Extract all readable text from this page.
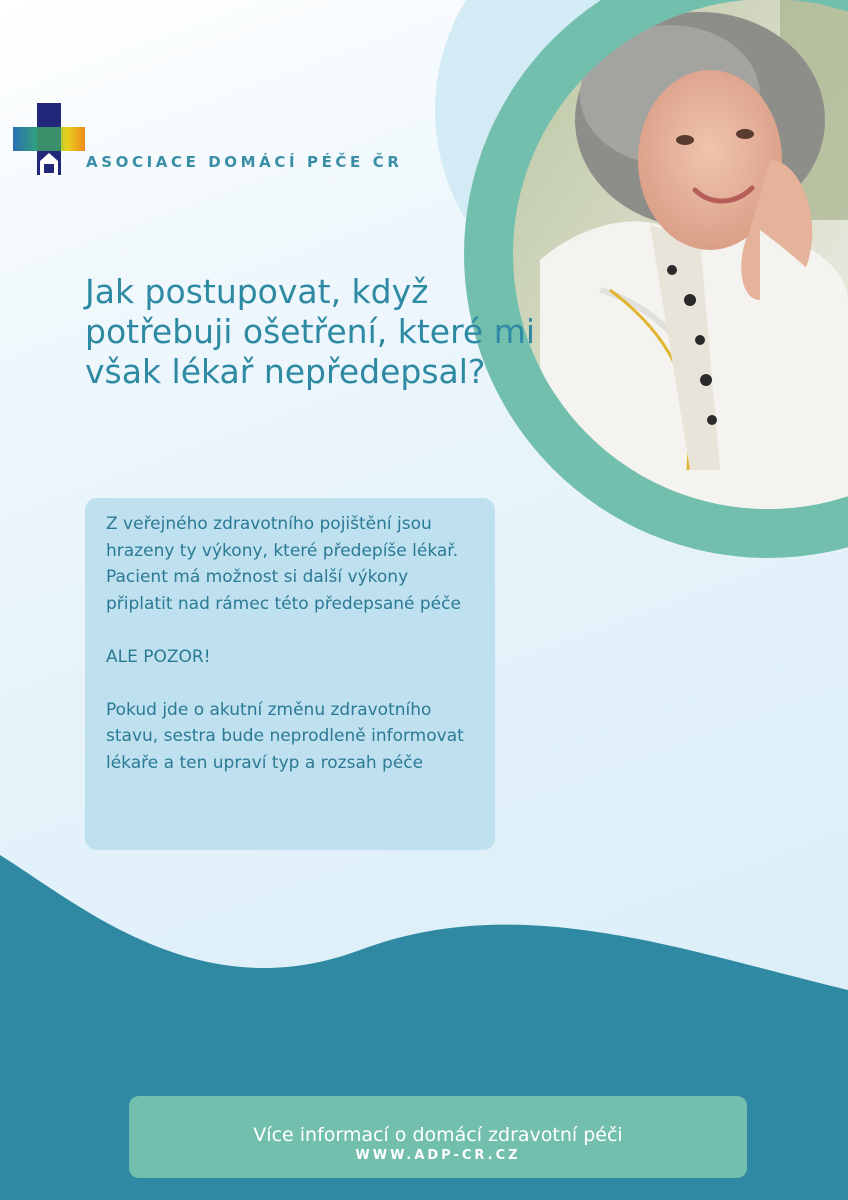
ASOCIACE DOMÁCÍ PÉČE ČR
Jak postupovat, když potřebuji ošetření, které mi však lékař nepředepsal?

Z veřejného zdravotního pojištění jsou hrazeny ty výkony, které předepíše lékař. Pacient má možnost si další výkony připlatit nad rámec této předepsané péče

ALE POZOR!

Pokud jde o akutní změnu zdravotního stavu, sestra bude neprodleně informovat lékaře a ten upraví typ a rozsah péče

Více informací o domácí zdravotní péči
WWW.ADP-CR.CZ
